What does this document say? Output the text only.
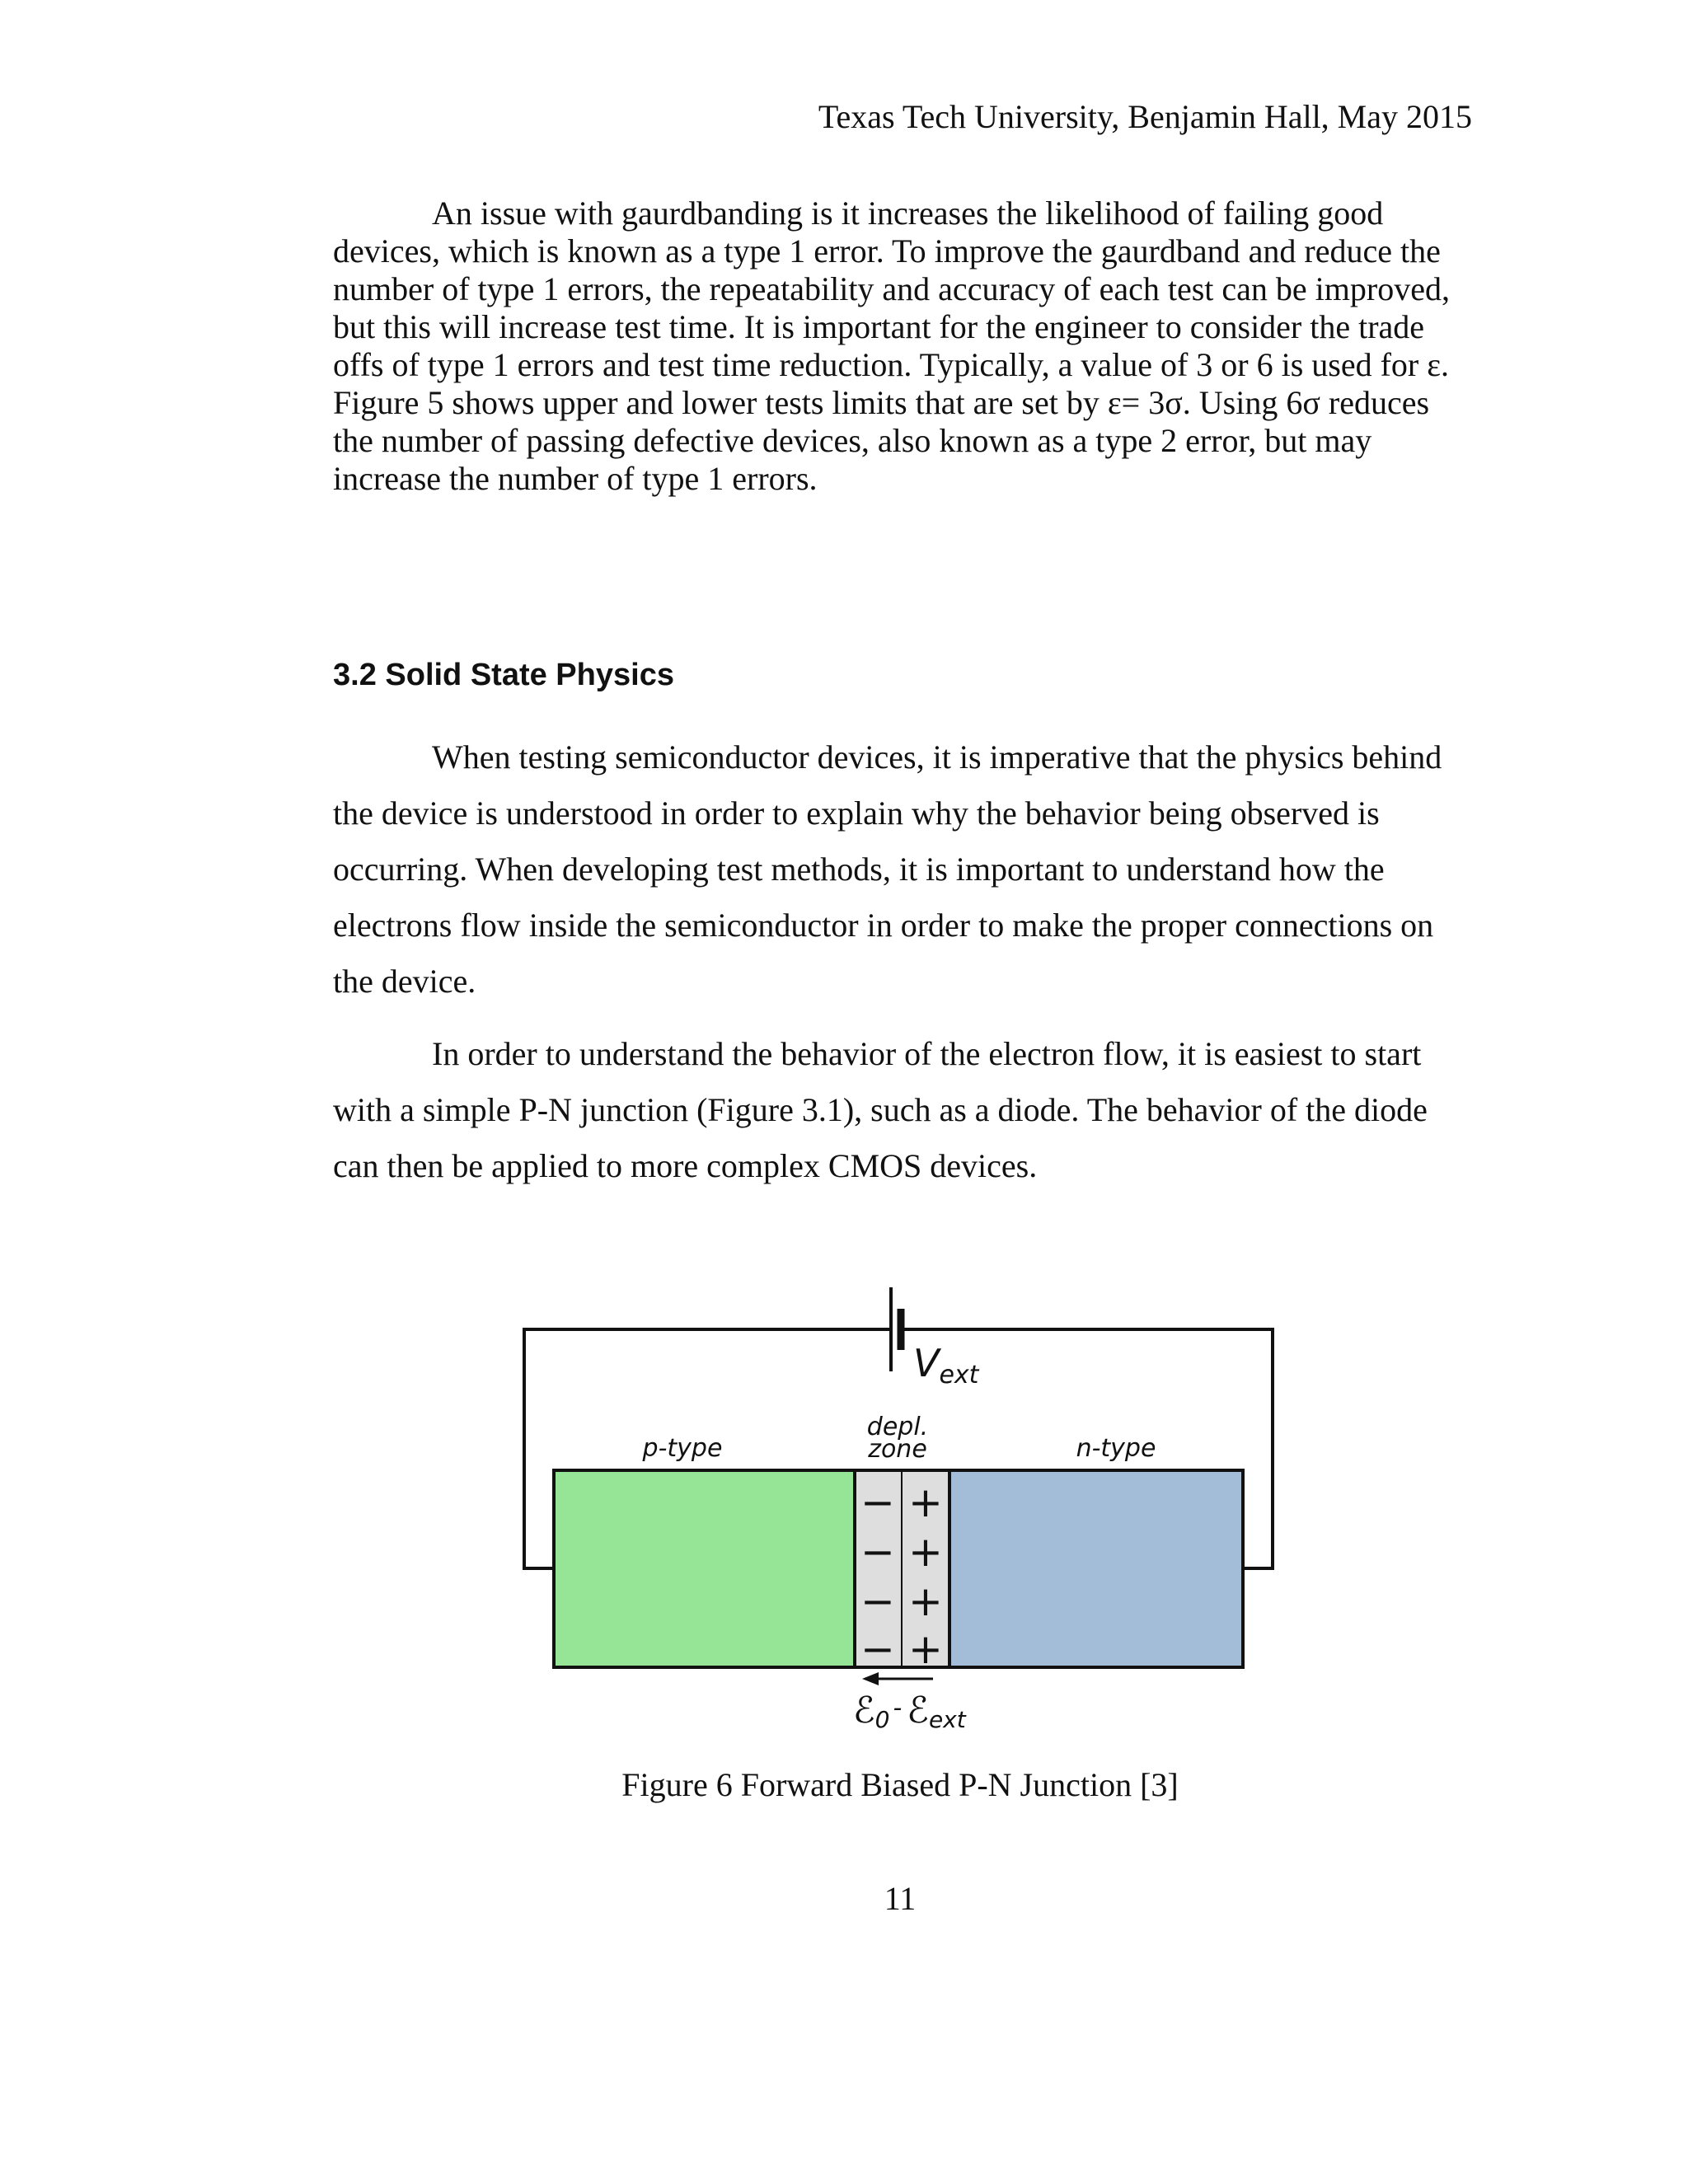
Texas Tech University, Benjamin Hall, May 2015

An issue with gaurdbanding is it increases the likelihood of failing good devices, which is known as a type 1 error. To improve the gaurdband and reduce the number of type 1 errors, the repeatability and accuracy of each test can be improved, but this will increase test time. It is important for the engineer to consider the trade offs of type 1 errors and test time reduction. Typically, a value of 3 or 6 is used for ε. Figure 5 shows upper and lower tests limits that are set by ε= 3σ. Using 6σ reduces the number of passing defective devices, also known as a type 2 error, but may increase the number of type 1 errors.

3.2 Solid State Physics

When testing semiconductor devices, it is imperative that the physics behind the device is understood in order to explain why the behavior being observed is occurring. When developing test methods, it is important to understand how the electrons flow inside the semiconductor in order to make the proper connections on the device.

In order to understand the behavior of the electron flow, it is easiest to start with a simple P-N junction (Figure 3.1), such as a diode. The behavior of the diode can then be applied to more complex CMOS devices.

Vext
p-type
depl.
zone	n-type
−
−
−
−
+
+
+
+
ℰ0 - ℰext

Figure 6 Forward Biased P-N Junction [3]

11
